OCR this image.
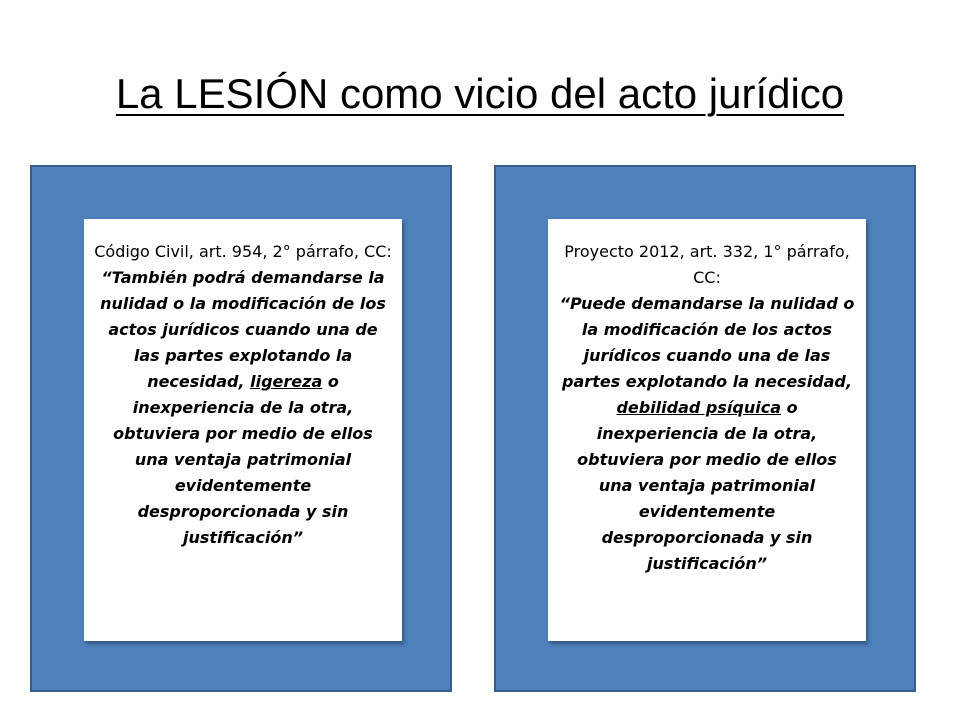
La LESIÓN como vicio del acto jurídico
Código Civil, art. 954, 2° párrafo, CC:
“También podrá demandarse la nulidad o la modificación de los actos jurídicos cuando una de las partes explotando la necesidad, ligereza o inexperiencia de la otra, obtuviera por medio de ellos una ventaja patrimonial evidentemente desproporcionada y sin justificación”
Proyecto 2012, art. 332, 1° párrafo, CC:
“Puede demandarse la nulidad o la modificación de los actos jurídicos cuando una de las partes explotando la necesidad, debilidad psíquica o inexperiencia de la otra, obtuviera por medio de ellos una ventaja patrimonial evidentemente desproporcionada y sin justificación”
